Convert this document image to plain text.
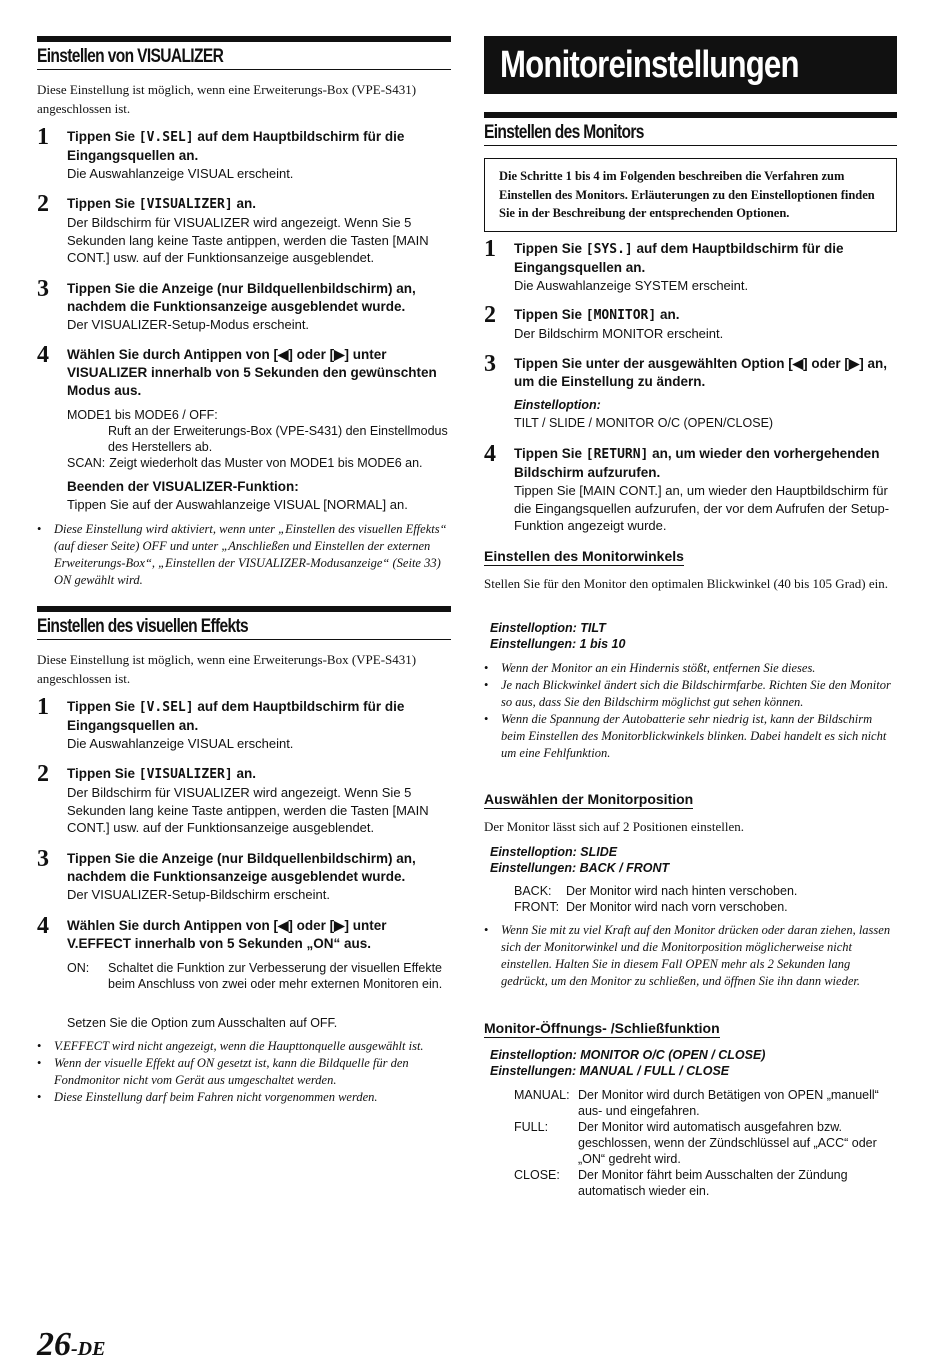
Einstellen von VISUALIZER
Diese Einstellung ist möglich, wenn eine Erweiterungs-Box (VPE-S431) angeschlossen ist.
1 Tippen Sie [V.SEL] auf dem Hauptbildschirm für die Eingangsquellen an.
Die Auswahlanzeige VISUAL erscheint.
2 Tippen Sie [VISUALIZER] an.
Der Bildschirm für VISUALIZER wird angezeigt. Wenn Sie 5 Sekunden lang keine Taste antippen, werden die Tasten [MAIN CONT.] usw. auf der Funktionsanzeige ausgeblendet.
3 Tippen Sie die Anzeige (nur Bildquellenbildschirm) an, nachdem die Funktionsanzeige ausgeblendet wurde.
Der VISUALIZER-Setup-Modus erscheint.
4 Wählen Sie durch Antippen von [◀] oder [▶] unter VISUALIZER innerhalb von 5 Sekunden den gewünschten Modus aus.
MODE1 bis MODE6 / OFF:
Ruft an der Erweiterungs-Box (VPE-S431) den Einstellmodus des Herstellers ab.
SCAN: Zeigt wiederholt das Muster von MODE1 bis MODE6 an.
Beenden der VISUALIZER-Funktion:
Tippen Sie auf der Auswahlanzeige VISUAL [NORMAL] an.
• Diese Einstellung wird aktiviert, wenn unter „Einstellen des visuellen Effekts“ (auf dieser Seite) OFF und unter „Anschließen und Einstellen der externen Erweiterungs-Box“, „Einstellen der VISUALIZER-Modusanzeige“ (Seite 33) ON gewählt wird.
Einstellen des visuellen Effekts
Diese Einstellung ist möglich, wenn eine Erweiterungs-Box (VPE-S431) angeschlossen ist.
1 Tippen Sie [V.SEL] auf dem Hauptbildschirm für die Eingangsquellen an.
Die Auswahlanzeige VISUAL erscheint.
2 Tippen Sie [VISUALIZER] an.
Der Bildschirm für VISUALIZER wird angezeigt. Wenn Sie 5 Sekunden lang keine Taste antippen, werden die Tasten [MAIN CONT.] usw. auf der Funktionsanzeige ausgeblendet.
3 Tippen Sie die Anzeige (nur Bildquellenbildschirm) an, nachdem die Funktionsanzeige ausgeblendet wurde.
Der VISUALIZER-Setup-Bildschirm erscheint.
4 Wählen Sie durch Antippen von [◀] oder [▶] unter V.EFFECT innerhalb von 5 Sekunden „ON“ aus.
ON:	Schaltet die Funktion zur Verbesserung der visuellen Effekte beim Anschluss von zwei oder mehr externen Monitoren ein.
Setzen Sie die Option zum Ausschalten auf OFF.
• V.EFFECT wird nicht angezeigt, wenn die Haupttonquelle ausgewählt ist.
• Wenn der visuelle Effekt auf ON gesetzt ist, kann die Bildquelle für den Fondmonitor nicht vom Gerät aus umgeschaltet werden.
• Diese Einstellung darf beim Fahren nicht vorgenommen werden.
Monitoreinstellungen
Einstellen des Monitors
Die Schritte 1 bis 4 im Folgenden beschreiben die Verfahren zum Einstellen des Monitors. Erläuterungen zu den Einstelloptionen finden Sie in der Beschreibung der entsprechenden Optionen.
1 Tippen Sie [SYS.] auf dem Hauptbildschirm für die Eingangsquellen an.
Die Auswahlanzeige SYSTEM erscheint.
2 Tippen Sie [MONITOR] an.
Der Bildschirm MONITOR erscheint.
3 Tippen Sie unter der ausgewählten Option [◀] oder [▶] an, um die Einstellung zu ändern.
Einstelloption:
TILT / SLIDE / MONITOR O/C (OPEN/CLOSE)
4 Tippen Sie [RETURN] an, um wieder den vorhergehenden Bildschirm aufzurufen.
Tippen Sie [MAIN CONT.] an, um wieder den Hauptbildschirm für die Eingangsquellen aufzurufen, der vor dem Aufrufen der Setup-Funktion angezeigt wurde.
Einstellen des Monitorwinkels
Stellen Sie für den Monitor den optimalen Blickwinkel (40 bis 105 Grad) ein.
Einstelloption: TILT
Einstellungen: 1 bis 10
• Wenn der Monitor an ein Hindernis stößt, entfernen Sie dieses.
• Je nach Blickwinkel ändert sich die Bildschirmfarbe. Richten Sie den Monitor so aus, dass Sie den Bildschirm möglichst gut sehen können.
• Wenn die Spannung der Autobatterie sehr niedrig ist, kann der Bildschirm beim Einstellen des Monitorblickwinkels blinken. Dabei handelt es sich nicht um eine Fehlfunktion.
Auswählen der Monitorposition
Der Monitor lässt sich auf 2 Positionen einstellen.
Einstelloption: SLIDE
Einstellungen: BACK / FRONT
BACK:	Der Monitor wird nach hinten verschoben.
FRONT: Der Monitor wird nach vorn verschoben.
• Wenn Sie mit zu viel Kraft auf den Monitor drücken oder daran ziehen, lassen sich der Monitorwinkel und die Monitorposition möglicherweise nicht einstellen. Halten Sie in diesem Fall OPEN mehr als 2 Sekunden lang gedrückt, um den Monitor zu schließen, und öffnen Sie ihn dann wieder.
Monitor-Öffnungs- /Schließfunktion
Einstelloption: MONITOR O/C (OPEN / CLOSE)
Einstellungen: MANUAL / FULL / CLOSE
MANUAL: Der Monitor wird durch Betätigen von OPEN „manuell“ aus- und eingefahren.
FULL:	Der Monitor wird automatisch ausgefahren bzw. geschlossen, wenn der Zündschlüssel auf „ACC“ oder „ON“ gedreht wird.
CLOSE:	Der Monitor fährt beim Ausschalten der Zündung automatisch wieder ein.
26-DE
